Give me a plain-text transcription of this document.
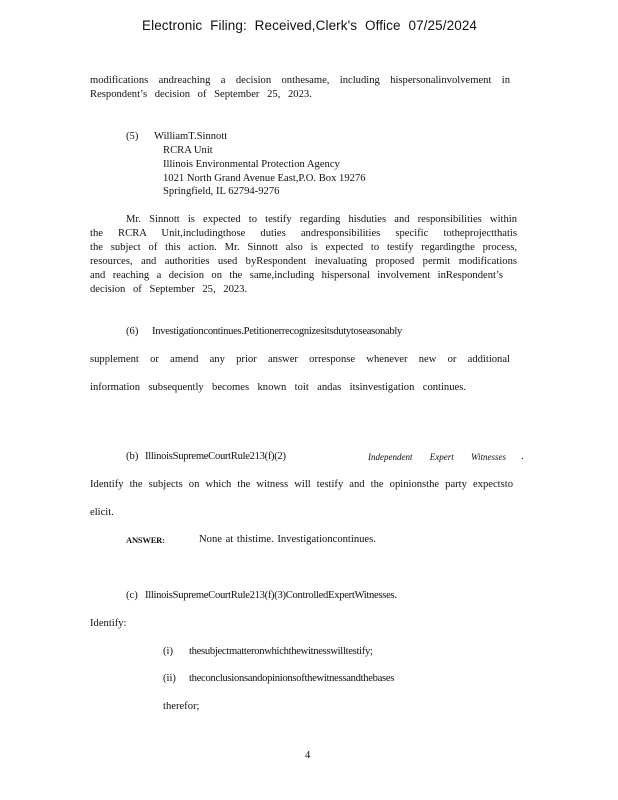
Electronic Filing: Received,Clerk's Office 07/25/2024
modifications andreaching a decision onthesame, including hispersonalinvolvement in
Respondent’s decision of September 25, 2023.
(5) WilliamT.Sinnott
RCRA Unit
Illinois Environmental Protection Agency
1021 North Grand Avenue East,P.O. Box 19276
Springfield, IL 62794-9276
Mr. Sinnott is expected to testify regarding hisduties and responsibilities within
the RCRA Unit,includingthose duties andresponsibilities specific totheprojectthatis
the subject of this action. Mr. Sinnott also is expected to testify regardingthe process,
resources, and authorities used byRespondent inevaluating proposed permit modifications
and reaching a decision on the same,including hispersonal involvement inRespondent’s
decision of September 25, 2023.
(6) Investigationcontinues.Petitionerrecognizesitsdutytoseasonably
supplement or amend any prior answer orresponse whenever new or additional
information subsequently becomes known toit andas itsinvestigation continues.
(b) IllinoisSupremeCourtRule213(f)(2)	Independent Expert Witnesses .
Identify the subjects on which the witness will testify and the opinionsthe party expectsto
elicit.
ANSWER:	None at thistime. Investigationcontinues.
(c) IllinoisSupremeCourtRule213(f)(3)ControlledExpertWitnesses.
Identify:
(i) thesubjectmatteronwhichthewitnesswilltestify;
(ii) theconclusionsandopinionsofthewitnessandthebases
therefor;
4
